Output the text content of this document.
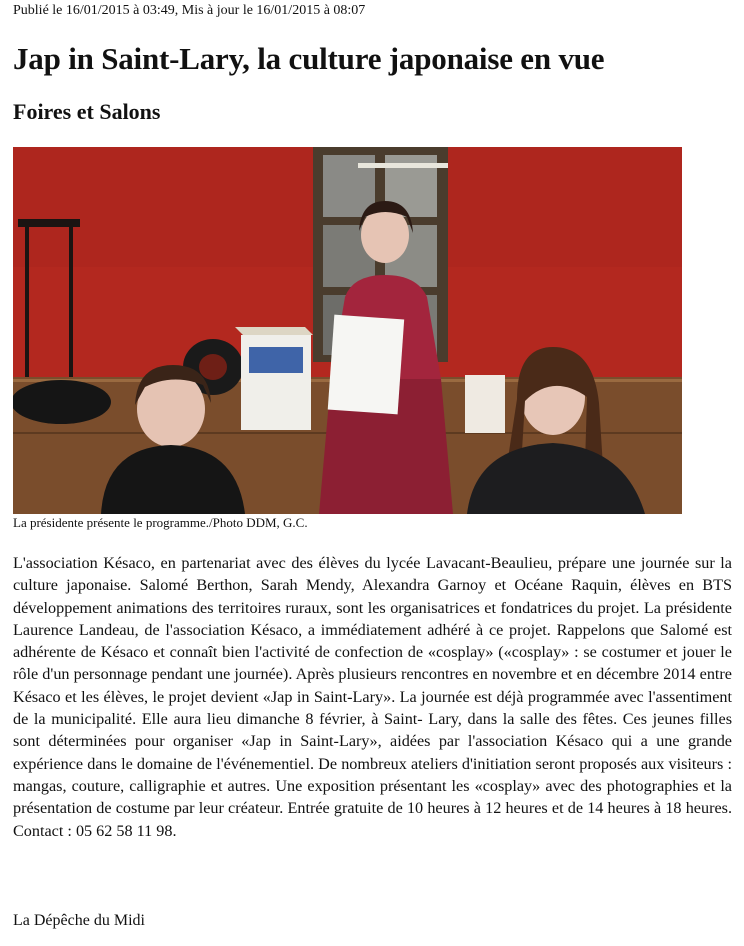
Publié le 16/01/2015 à 03:49, Mis à jour le 16/01/2015 à 08:07
Jap in Saint-Lary, la culture japonaise en vue
Foires et Salons
La présidente présente le programme./Photo DDM, G.C.

L'association Késaco, en partenariat avec des élèves du lycée Lavacant-Beaulieu, prépare une journée sur la culture japonaise. Salomé Berthon, Sarah Mendy, Alexandra Garnoy et Océane Raquin, élèves en BTS développement animations des territoires ruraux, sont les organisatrices et fondatrices du projet. La présidente Laurence Landeau, de l'association Késaco, a immédiatement adhéré à ce projet. Rappelons que Salomé est adhérente de Késaco et connaît bien l'activité de confection de «cosplay» («cosplay» : se costumer et jouer le rôle d'un personnage pendant une journée). Après plusieurs rencontres en novembre et en décembre 2014 entre Késaco et les élèves, le projet devient «Jap in Saint-Lary». La journée est déjà programmée avec l'assentiment de la municipalité. Elle aura lieu dimanche 8 février, à Saint- Lary, dans la salle des fêtes. Ces jeunes filles sont déterminées pour organiser «Jap in Saint-Lary», aidées par l'association Késaco qui a une grande expérience dans le domaine de l'événementiel. De nombreux ateliers d'initiation seront proposés aux visiteurs : mangas, couture, calligraphie et autres. Une exposition présentant les «cosplay» avec des photographies et la présentation de costume par leur créateur. Entrée gratuite de 10 heures à 12 heures et de 14 heures à 18 heures. Contact : 05 62 58 11 98.

La Dépêche du Midi
